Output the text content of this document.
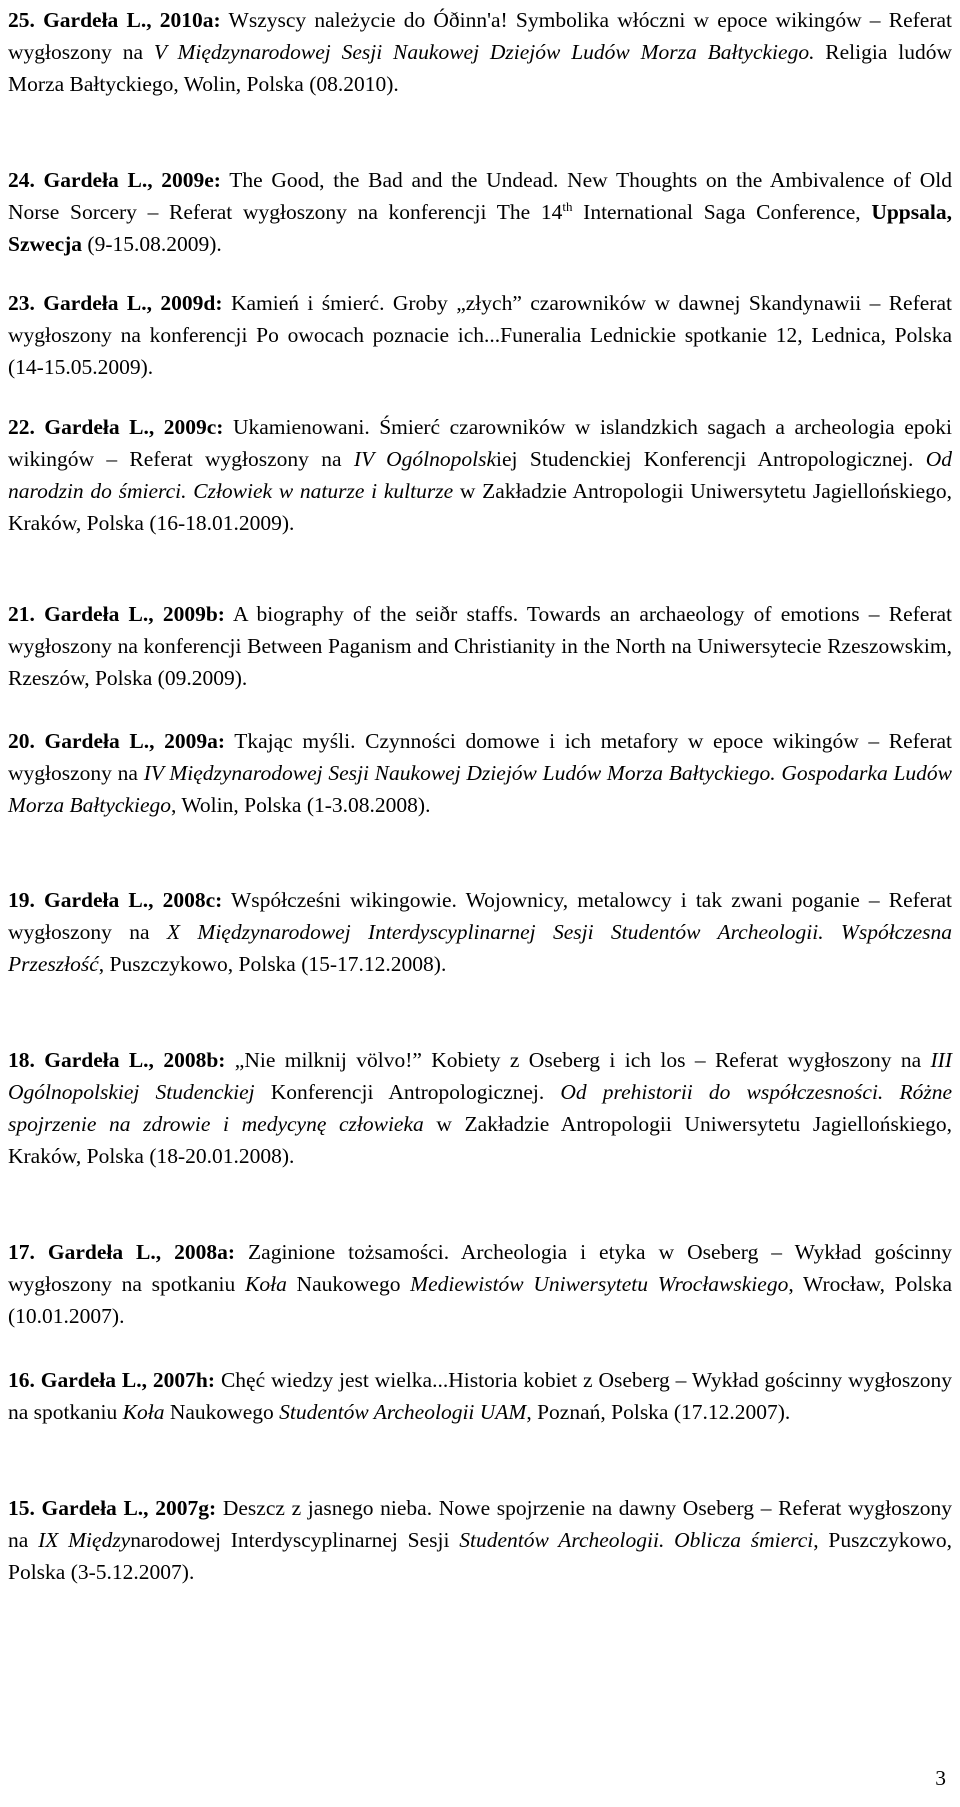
25. Gardeła L., 2010a: Wszyscy należycie do Óðinn'a! Symbolika włóczni w epoce wikingów – Referat wygłoszony na V Międzynarodowej Sesji Naukowej Dziejów Ludów Morza Bałtyckiego. Religia ludów Morza Bałtyckiego, Wolin, Polska (08.2010).

24. Gardeła L., 2009e: The Good, the Bad and the Undead. New Thoughts on the Ambivalence of Old Norse Sorcery – Referat wygłoszony na konferencji The 14th International Saga Conference, Uppsala, Szwecja (9-15.08.2009).

23. Gardeła L., 2009d: Kamień i śmierć. Groby „złych” czarowników w dawnej Skandynawii – Referat wygłoszony na konferencji Po owocach poznacie ich...Funeralia Lednickie spotkanie 12, Lednica, Polska (14-15.05.2009).

22. Gardeła L., 2009c: Ukamienowani. Śmierć czarowników w islandzkich sagach a archeologia epoki wikingów – Referat wygłoszony na IV Ogólnopolskiej Studenckiej Konferencji Antropologicznej. Od narodzin do śmierci. Człowiek w naturze i kulturze w Zakładzie Antropologii Uniwersytetu Jagiellońskiego, Kraków, Polska (16-18.01.2009).

21. Gardeła L., 2009b: A biography of the seiðr staffs. Towards an archaeology of emotions – Referat wygłoszony na konferencji Between Paganism and Christianity in the North na Uniwersytecie Rzeszowskim, Rzeszów, Polska (09.2009).

20. Gardeła L., 2009a: Tkając myśli. Czynności domowe i ich metafory w epoce wikingów – Referat wygłoszony na IV Międzynarodowej Sesji Naukowej Dziejów Ludów Morza Bałtyckiego. Gospodarka Ludów Morza Bałtyckiego, Wolin, Polska (1-3.08.2008).

19. Gardeła L., 2008c: Współcześni wikingowie. Wojownicy, metalowcy i tak zwani poganie – Referat wygłoszony na X Międzynarodowej Interdyscyplinarnej Sesji Studentów Archeologii. Współczesna Przeszłość, Puszczykowo, Polska (15-17.12.2008).

18. Gardeła L., 2008b: „Nie milknij völvo!” Kobiety z Oseberg i ich los – Referat wygłoszony na III Ogólnopolskiej Studenckiej Konferencji Antropologicznej. Od prehistorii do współczesności. Różne spojrzenie na zdrowie i medycynę człowieka w Zakładzie Antropologii Uniwersytetu Jagiellońskiego, Kraków, Polska (18-20.01.2008).

17. Gardeła L., 2008a: Zaginione tożsamości. Archeologia i etyka w Oseberg – Wykład gościnny wygłoszony na spotkaniu Koła Naukowego Mediewistów Uniwersytetu Wrocławskiego, Wrocław, Polska (10.01.2007).

16. Gardeła L., 2007h: Chęć wiedzy jest wielka...Historia kobiet z Oseberg – Wykład gościnny wygłoszony na spotkaniu Koła Naukowego Studentów Archeologii UAM, Poznań, Polska (17.12.2007).

15. Gardeła L., 2007g: Deszcz z jasnego nieba. Nowe spojrzenie na dawny Oseberg – Referat wygłoszony na IX Międzynarodowej Interdyscyplinarnej Sesji Studentów Archeologii. Oblicza śmierci, Puszczykowo, Polska (3-5.12.2007).

3
